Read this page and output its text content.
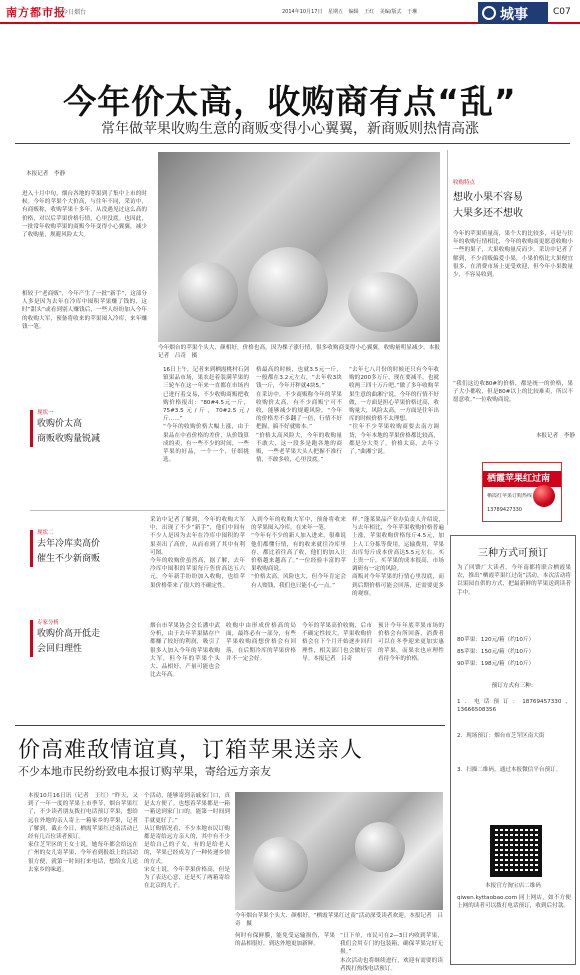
南方都市报
今日烟台	2014年10月17日 星期五 编辑 王红 美编/版式 于琳	城事	C07
今年价太高，收购商有点“乱”
常年做苹果收购生意的商贩变得小心翼翼，新商贩则热情高涨
本报记者　李静
进入十月中旬，烟台各地的苹果到了集中上市的时候。今年的苹果个大价高，与往年不同，采访中，有商贩称，收购苹果十多年，从没遇见过这么高的价格，对以后苹果价格行情，心里没底。也因此，一批常年收购苹果的商贩今年变得小心翼翼，减少了收购量，规避风险太大。
相较于“老商贩”，今年产生了一批“新手”，这部分人多是因为去年在冷库中囤积苹果赚了钱的，这时“甜头”或看到别人赚钱后，一些人纷纷加入今年的收购大军，预备将收来的苹果囤入冷库，来年赚钱一笔。
今年烟台的苹果个头大、颜相好，价格也高，因为棵子涨行情，很多收购商变得小心翼翼，收购量明显减少。本报记者　吕奇　摄
收购特点
想收小果不容易
大果多还不想收
今年的苹果质量高，果个大的比较多，可是与往年的收购行情相比，今年的收购商更愿意收购小一些的果子，大果收购量反而少。采访中记者了解到，不少商贩偏爱小果，小果价格比大果便宜很多，在消费市场上更受欢迎，但今年小果数量少，不容易收到。
“我们这边收80#的价格，都是统一的价格，果子大小都收，但是80#以上的比较难卖，所以不愿意收。”一位收购商说。
本报记者　李静
栖霞苹果红过南
栖霞红苹果订购热线
13789427330

16日上午，记者来到栖霞桃村石剑镇果品市场，果农赶着装满苹果的三轮车在这一年来一直都在市场内已进行着交易，不少收购商贩把收购价格报出：“80#4.5元一斤，75#3.5元/斤，70#2.5元/斤……”

“今年的收购价格大幅上涨，由于果品在中看价格的差价，从价钱算成的卖，有一些不少的时间，一些苹果的好品，一个一个，仔细挑选。

格最高的时候，也就3.5元一斤，一般都在3.2元左右，“去年收3块钱一斤，今年开秤就4块5。”

在采访中，不少商贩称今年的苹果收购价太高，有不少商贩宁可不收，能够减少的规避风险。“今年的价格差不多翻了一倍，行情不好把握，搞不好就赔本。”

“价格太高风险大，今年的收购量不敢大，这一段多是跑各地的商贩，一些老苹果大头人把握不准行情，不敢多收，心里没底。”

“去年七八月份的时候还只有今年收购的200多万斤，现在要减半，也就收两三四十万斤吧。”做了多年收购苹果生意的曲湘宁说，今年的行情不好做，一方面是担心苹果价格过高，收购量大，风险太高，一方面是往年出库的时候价格不太理想。

“往年不少苹果收购商要去南方调货，今年本地的苹果价格都比较高，都是分大类了，价格太高，去年亏了。”曲湘宁说。

现状一
收购价太高
商贩收购量锐减
现状二
去年冷库卖高价
催生不少新商贩
专家分析
收购价高开低走
会回归理性

采访中记者了解到，今年的收购大军中，出现了不少“新手”，他们中间有不少人是因为去年在冷库中囤积的苹果卖出了高价，从而看到了其中有利可图。

今年的收购价虽然高，据了解，去年冷库中囤积的苹果每斤售价高达五六元，今年新手纷纷加入收购，也给苹果价格带来了很大的不确定性。

入到今年的收购大军中，预备将收来的苹果囤入冷库，在来年一笔。

“今年有不少的新人加入进来，很难说他们都懂行情，有的收来就往冷库里存，都比着往高了收，他们的加入让价格越来越高了。”一位经验丰富的苹果收购商说。

“价格太高，风险也大，但今年肯定会有人赔钱，我们也只能小心一点。”

样。”蓬莱果品产业办负责人介绍说，与去年相比，今年苹果收购价格普遍上涨，苹果收购价格每斤4.5元，加上人工分拣等费用，运输费用，苹果出库每斤成本价高达5.5元左右。买上贵一斤，买苹果的成本很高，市场调研有一定的风险。

商贩对今年苹果的行情心里没底，而到后期价格可能会回落，还需要更多的观察。

烟台市苹果协会会长潘中武分析，由于去年苹果储存户都赚了较好的利润，吸引了很多人加入今年的苹果收购大军，但今年的苹果个头大、品相好，产量可能也会比去年高。
收购中由形成价格高的局面，最终必有一部分，有些苹果收购商想价格会有回落，在后期冷库的苹果价格并不一定会好。
今年的苹果高价收购，后市不确定性较大，苹果收购价格会在下个月开始逐步回归理性，相关部门也会做好引导。本报记者　吕奇
预计今年年底苹果市场的价格会有所回落，消费者可以在冬季迎来更加实惠的苹果，而果农也应理性看待今年的价格。
三种方式可预订
为了回馈广大读者，今年南都将联合栖霞果农，推出“栖霞苹果红过南”活动，本次活动将以果园直供的方式，把最新鲜的苹果送到读者手中。
80苹果：120元/箱（约10斤）
85苹果：150元/箱（约10斤）
90苹果：198元/箱（约10斤）
预订方式有三种：
1．电话预订：18769457330、13666508356
2．现场预订：烟台市芝罘区南大街
3．扫描二维码，通过本报微信平台预订。
qiwen.kyttaobao.com 同上网店，如不方便上网的读者可以拨打电话预订，收到后付款。
本报官方淘宝店二维码
价高难敌情谊真，订箱苹果送亲人
不少本地市民纷纷致电本报订购苹果，寄给远方亲友

本报10月16日讯（记者　王红）“昨天，又到了一年一度的苹果上市季节，烟台苹果红了，不少读者朋友拨打电话预订苹果，想给远在外地的亲人寄上一箱家乡的苹果，记者了解到，截止今日，栖霞苹果红过南活动已经有几百位读者预订。

家住芝罘区的王女士说，她每年都会给远在广州的女儿寄苹果，今年看到报纸上的活动很方便，就第一时间打来电话，想给女儿送去家乡的味道。

个活动，能够寄到亲戚家门口，真是太方便了。也想着苹果都是一箱一箱送到家门口的，能第一时间到手就更好了。”

从订购情况看，不少本地市民订购都是寄给远方亲人的，其中有不少是给自己的子女，有的是给老人的，苹果已经成为了一种传递乡情的方式。

宋女士说，今年苹果价格高，但是为了表达心意，还是买了两箱寄给在北京的儿子。

今年烟台苹果个头大、颜相好，“栖霞苹果红过南”活动深受读者欢迎。本报记者　吕奇　摄

何时有保鲜膜，能免受运输损伤，苹果的品相很好，到达外地更加新鲜。

“日下单，市民可在2—3日内收到苹果，我们会用专门的包装箱，确保苹果完好无损。”

本次活动也将继续进行，欢迎有需要的读者拨打热线电话预订。
